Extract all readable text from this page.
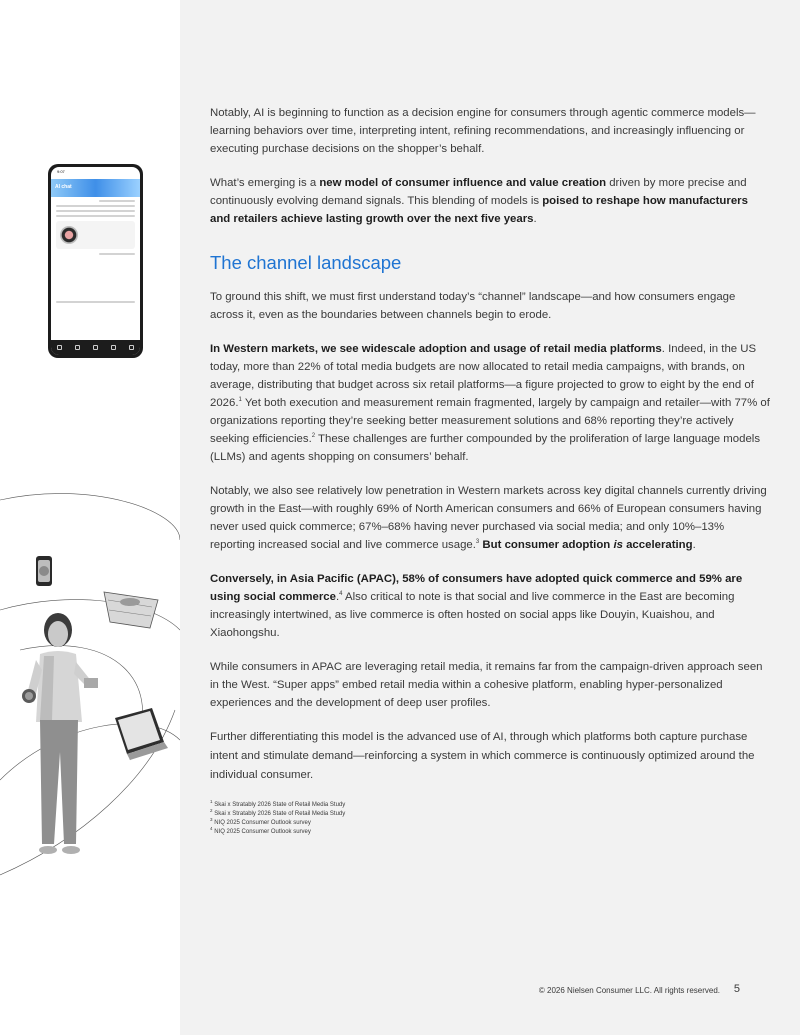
9:07
AI chat

Notably, AI is beginning to function as a decision engine for consumers through agentic commerce models—learning behaviors over time, interpreting intent, refining recommendations, and increasingly influencing or executing purchase decisions on the shopper’s behalf.

What’s emerging is a new model of consumer influence and value creation driven by more precise and continuously evolving demand signals. This blending of models is poised to reshape how manufacturers and retailers achieve lasting growth over the next five years.

The channel landscape

To ground this shift, we must first understand today’s “channel” landscape—and how consumers engage across it, even as the boundaries between channels begin to erode.

In Western markets, we see widescale adoption and usage of retail media platforms. Indeed, in the US today, more than 22% of total media budgets are now allocated to retail media campaigns, with brands, on average, distributing that budget across six retail platforms—a figure projected to grow to eight by the end of 2026.$^1$ Yet both execution and measurement remain fragmented, largely by campaign and retailer—with 77% of organizations reporting they’re seeking better measurement solutions and 68% reporting they’re actively seeking efficiencies.$^2$ These challenges are further compounded by the proliferation of large language models (LLMs) and agents shopping on consumers’ behalf.

Notably, we also see relatively low penetration in Western markets across key digital channels currently driving growth in the East—with roughly 69% of North American consumers and 66% of European consumers having never used quick commerce; 67%–68% having never purchased via social media; and only 10%–13% reporting increased social and live commerce usage.$^3$ But consumer adoption is accelerating.

Conversely, in Asia Pacific (APAC), 58% of consumers have adopted quick commerce and 59% are using social commerce.$^4$ Also critical to note is that social and live commerce in the East are becoming increasingly intertwined, as live commerce is often hosted on social apps like Douyin, Kuaishou, and Xiaohongshu.

While consumers in APAC are leveraging retail media, it remains far from the campaign-driven approach seen in the West. “Super apps” embed retail media within a cohesive platform, enabling hyper-personalized experiences and the development of deep user profiles.

Further differentiating this model is the advanced use of AI, through which platforms both capture purchase intent and stimulate demand—reinforcing a system in which commerce is continuously optimized around the individual consumer.

$^1$ Skai x Stratably 2026 State of Retail Media Study
$^2$ Skai x Stratably 2026 State of Retail Media Study
$^3$ NIQ 2025 Consumer Outlook survey
$^4$ NIQ 2025 Consumer Outlook survey
© 2026 Nielsen Consumer LLC. All rights reserved. 5
